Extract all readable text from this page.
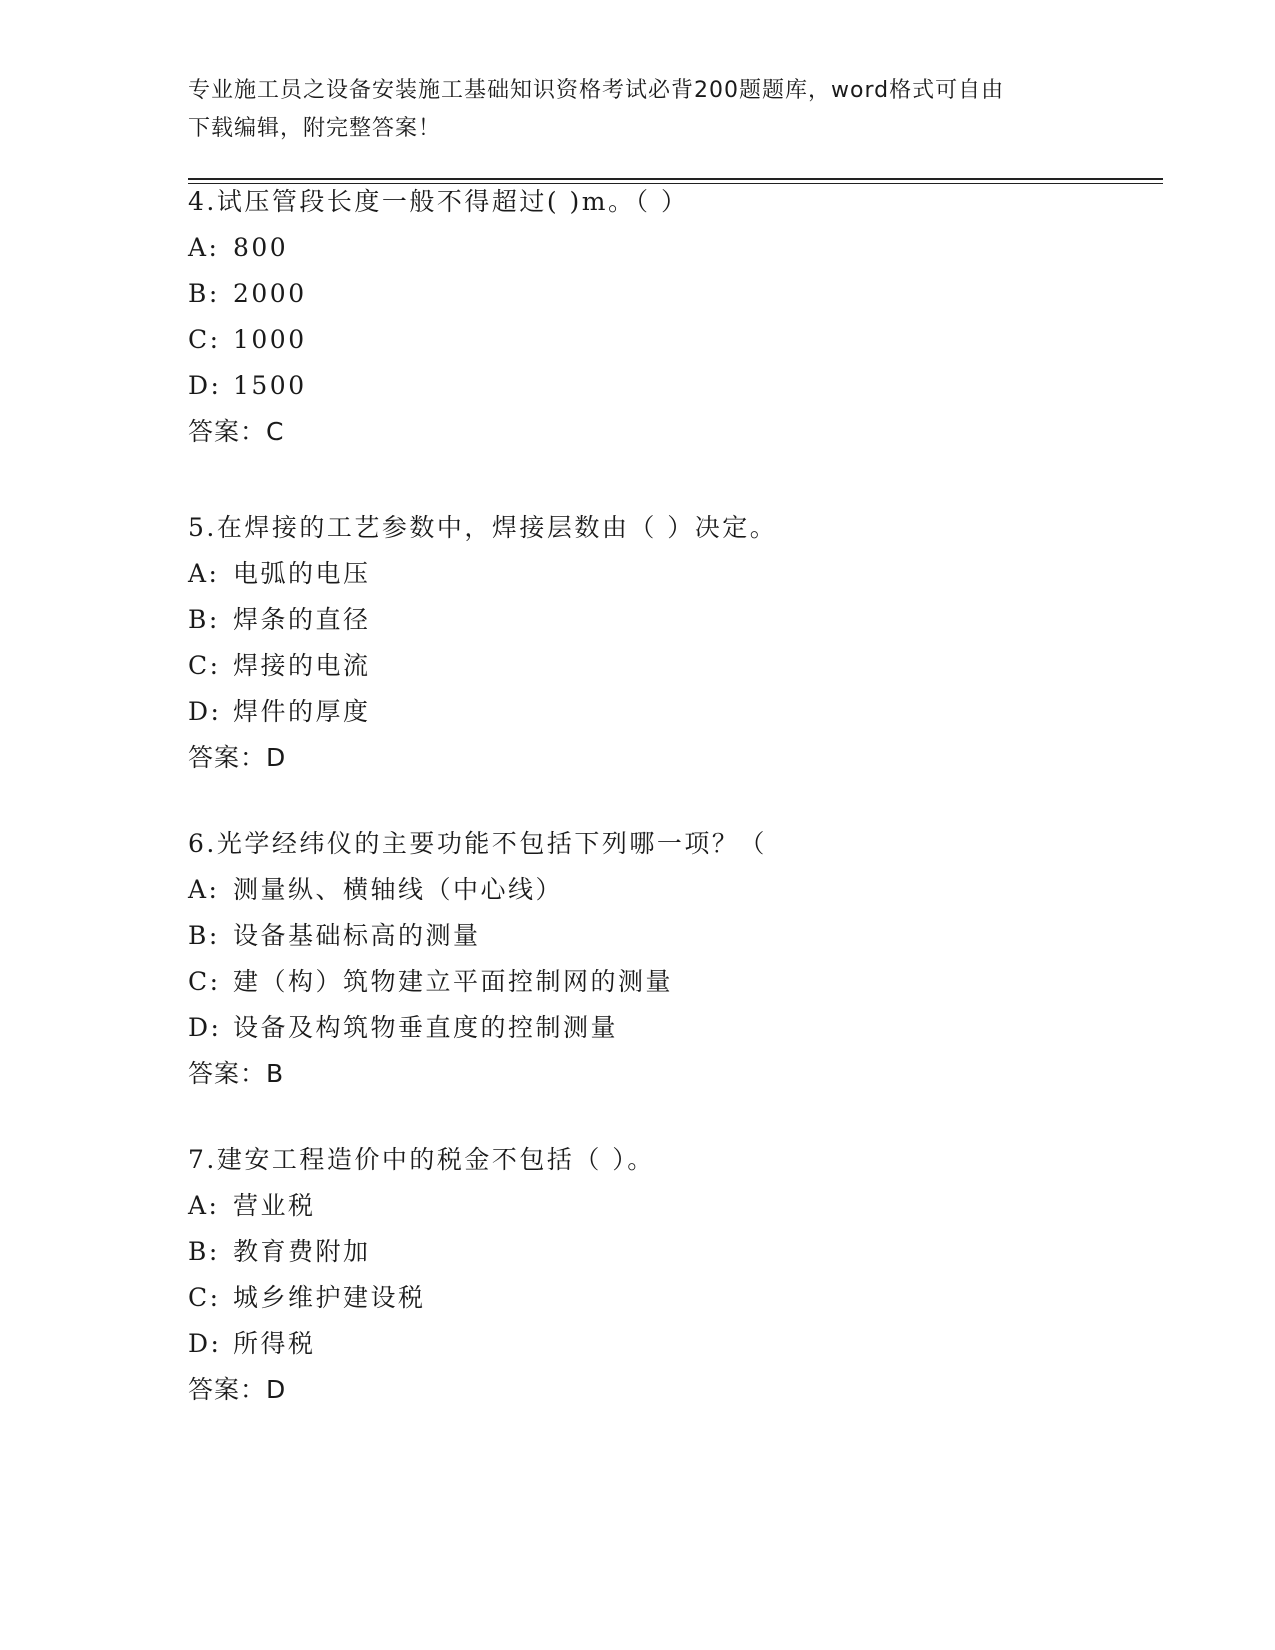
专业施工员之设备安装施工基础知识资格考试必背200题题库，word格式可自由
下载编辑，附完整答案！
4.试压管段长度一般不得超过( )m。（ ）
A: 800
B: 2000
C: 1000
D: 1500
答案：C
5.在焊接的工艺参数中，焊接层数由（ ）决定。
A: 电弧的电压
B: 焊条的直径
C: 焊接的电流
D: 焊件的厚度
答案：D
6.光学经纬仪的主要功能不包括下列哪一项？（
A: 测量纵、横轴线（中心线）
B: 设备基础标高的测量
C: 建（构）筑物建立平面控制网的测量
D: 设备及构筑物垂直度的控制测量
答案：B
7.建安工程造价中的税金不包括（ ）。
A: 营业税
B: 教育费附加
C: 城乡维护建设税
D: 所得税
答案：D
